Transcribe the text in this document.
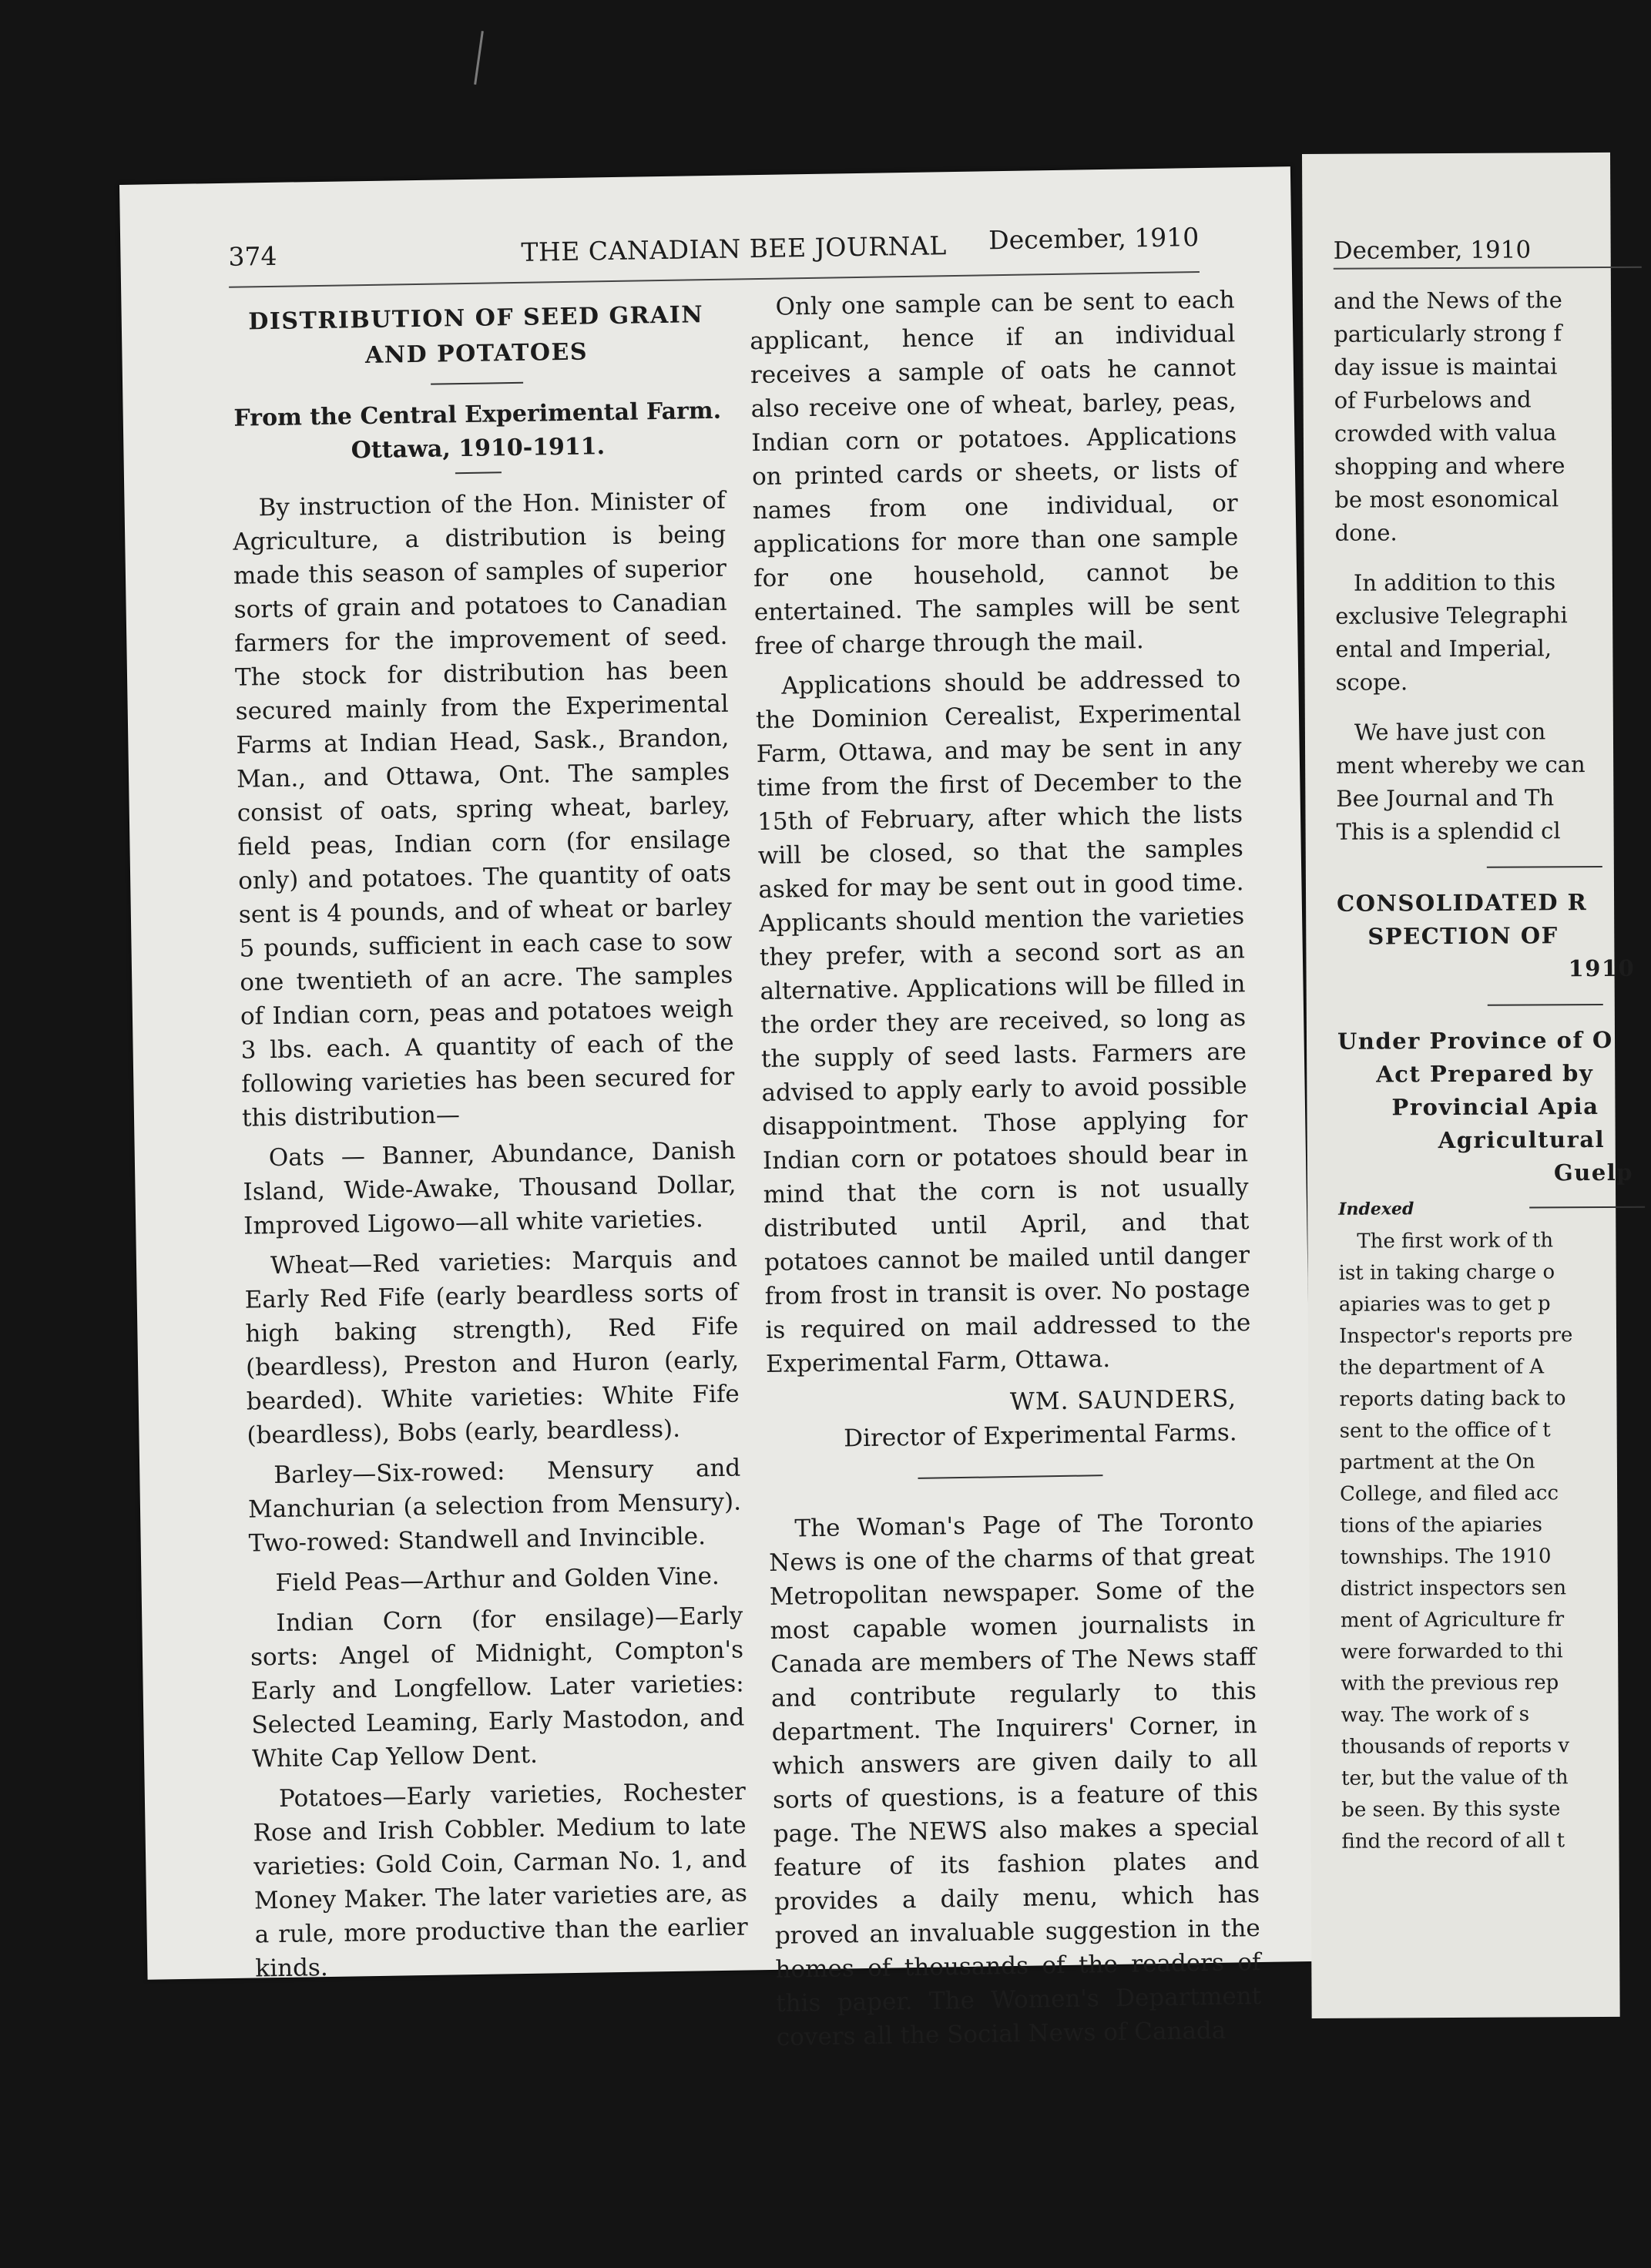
374	THE CANADIAN BEE JOURNAL December, 1910
DISTRIBUTION OF SEED GRAIN
AND POTATOES
From the Central Experimental Farm.
Ottawa, 1910-1911.

By instruction of the Hon. Minister of Agriculture, a distribution is being made this season of samples of superior sorts of grain and potatoes to Canadian farmers for the improvement of seed. The stock for distribution has been secured mainly from the Experimental Farms at Indian Head, Sask., Brandon, Man., and Ottawa, Ont. The samples consist of oats, spring wheat, barley, field peas, Indian corn (for ensilage only) and potatoes. The quantity of oats sent is 4 pounds, and of wheat or barley 5 pounds, sufficient in each case to sow one twentieth of an acre. The samples of Indian corn, peas and potatoes weigh 3 lbs. each. A quantity of each of the following varieties has been secured for this distribution—

Oats — Banner, Abundance, Danish Island, Wide-Awake, Thousand Dollar, Improved Ligowo—all white varieties.

Wheat—Red varieties: Marquis and Early Red Fife (early beardless sorts of high baking strength), Red Fife (beardless), Preston and Huron (early, bearded). White varieties: White Fife (beardless), Bobs (early, beardless).

Barley—Six-rowed: Mensury and Manchurian (a selection from Mensury). Two-rowed: Standwell and Invincible.

Field Peas—Arthur and Golden Vine.

Indian Corn (for ensilage)—Early sorts: Angel of Midnight, Compton's Early and Longfellow. Later varieties: Selected Leaming, Early Mastodon, and White Cap Yellow Dent.

Potatoes—Early varieties, Rochester Rose and Irish Cobbler. Medium to late varieties: Gold Coin, Carman No. 1, and Money Maker. The later varieties are, as a rule, more productive than the earlier kinds.

Only one sample can be sent to each applicant, hence if an individual receives a sample of oats he cannot also receive one of wheat, barley, peas, Indian corn or potatoes. Applications on printed cards or sheets, or lists of names from one individual, or applications for more than one sample for one household, cannot be entertained. The samples will be sent free of charge through the mail.

Applications should be addressed to the Dominion Cerealist, Experimental Farm, Ottawa, and may be sent in any time from the first of December to the 15th of February, after which the lists will be closed, so that the samples asked for may be sent out in good time. Applicants should mention the varieties they prefer, with a second sort as an alternative. Applications will be filled in the order they are received, so long as the supply of seed lasts. Farmers are advised to apply early to avoid possible disappointment. Those applying for Indian corn or potatoes should bear in mind that the corn is not usually distributed until April, and that potatoes cannot be mailed until danger from frost in transit is over. No postage is required on mail addressed to the Experimental Farm, Ottawa.

WM. SAUNDERS,
Director of Experimental Farms.

The Woman's Page of The Toronto News is one of the charms of that great Metropolitan newspaper. Some of the most capable women journalists in Canada are members of The News staff and contribute regularly to this department. The Inquirers' Corner, in which answers are given daily to all sorts of questions, is a feature of this page. The NEWS also makes a special feature of its fashion plates and provides a daily menu, which has proved an invaluable suggestion in the homes of thousands of the readers of this paper. The Women's Department covers all the Social News of Canada

December, 1910
and the News of the
particularly strong f
day issue is maintai
of Furbelows and
crowded with valua
shopping and where
be most esonomical
done.
In addition to this
exclusive Telegraphi
ental and Imperial,
scope.
We have just con
ment whereby we can
Bee Journal and Th
This is a splendid cl
CONSOLIDATED R
SPECTION OF
1910
Under Province of O
Act Prepared by
Provincial Apia
Agricultural
Guelp
Indexed
The first work of th
ist in taking charge o
apiaries was to get p
Inspector's reports pre
the department of A
reports dating back to
sent to the office of t
partment at the On
College, and filed acc
tions of the apiaries
townships. The 1910
district inspectors sen
ment of Agriculture fr
were forwarded to thi
with the previous rep
way. The work of s
thousands of reports v
ter, but the value of th
be seen. By this syste
find the record of all t
